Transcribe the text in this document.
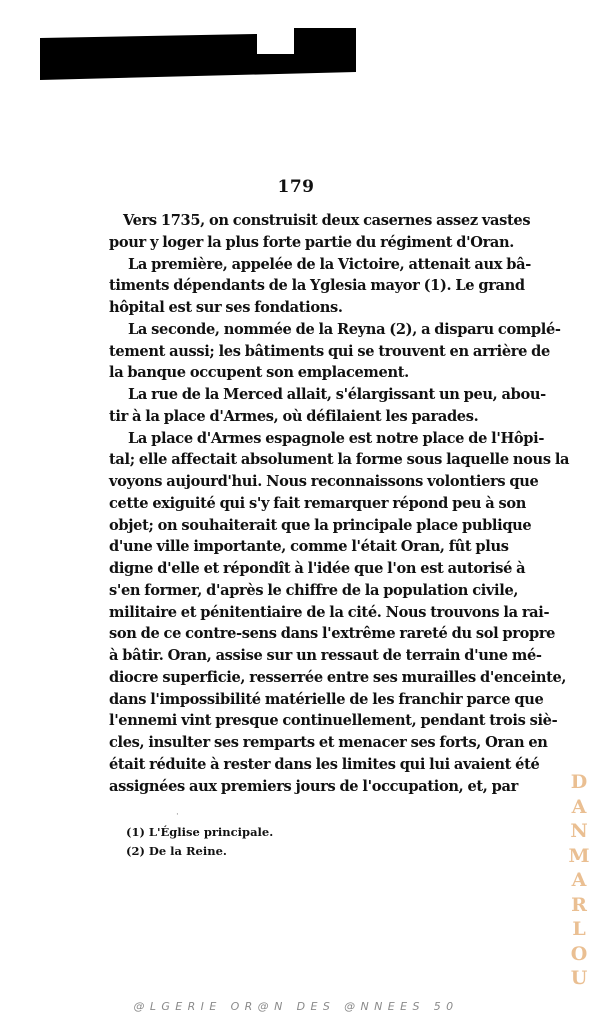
179
Vers 1735, on construisit deux casernes assez vastes
pour y loger la plus forte partie du régiment d'Oran.
La première, appelée de la Victoire, attenait aux bâ-
timents dépendants de la Yglesia mayor (1). Le grand
hôpital est sur ses fondations.
La seconde, nommée de la Reyna (2), a disparu complé-
tement aussi; les bâtiments qui se trouvent en arrière de
la banque occupent son emplacement.
La rue de la Merced allait, s'élargissant un peu, abou-
tir à la place d'Armes, où défilaient les parades.
La place d'Armes espagnole est notre place de l'Hôpi-
tal; elle affectait absolument la forme sous laquelle nous la
voyons aujourd'hui. Nous reconnaissons volontiers que
cette exiguité qui s'y fait remarquer répond peu à son
objet; on souhaiterait que la principale place publique
d'une ville importante, comme l'était Oran, fût plus
digne d'elle et répondît à l'idée que l'on est autorisé à
s'en former, d'après le chiffre de la population civile,
militaire et pénitentiaire de la cité. Nous trouvons la rai-
son de ce contre-sens dans l'extrême rareté du sol propre
à bâtir. Oran, assise sur un ressaut de terrain d'une mé-
diocre superficie, resserrée entre ses murailles d'enceinte,
dans l'impossibilité matérielle de les franchir parce que
l'ennemi vint presque continuellement, pendant trois siè-
cles, insulter ses remparts et menacer ses forts, Oran en
était réduite à rester dans les limites qui lui avaient été
assignées aux premiers jours de l'occupation, et, par
·
(1) L'Église principale.
(2) De la Reine.
D
A
N
M
A
R
L
O
U
@LGERIE OR@N DES @NNEES 50
